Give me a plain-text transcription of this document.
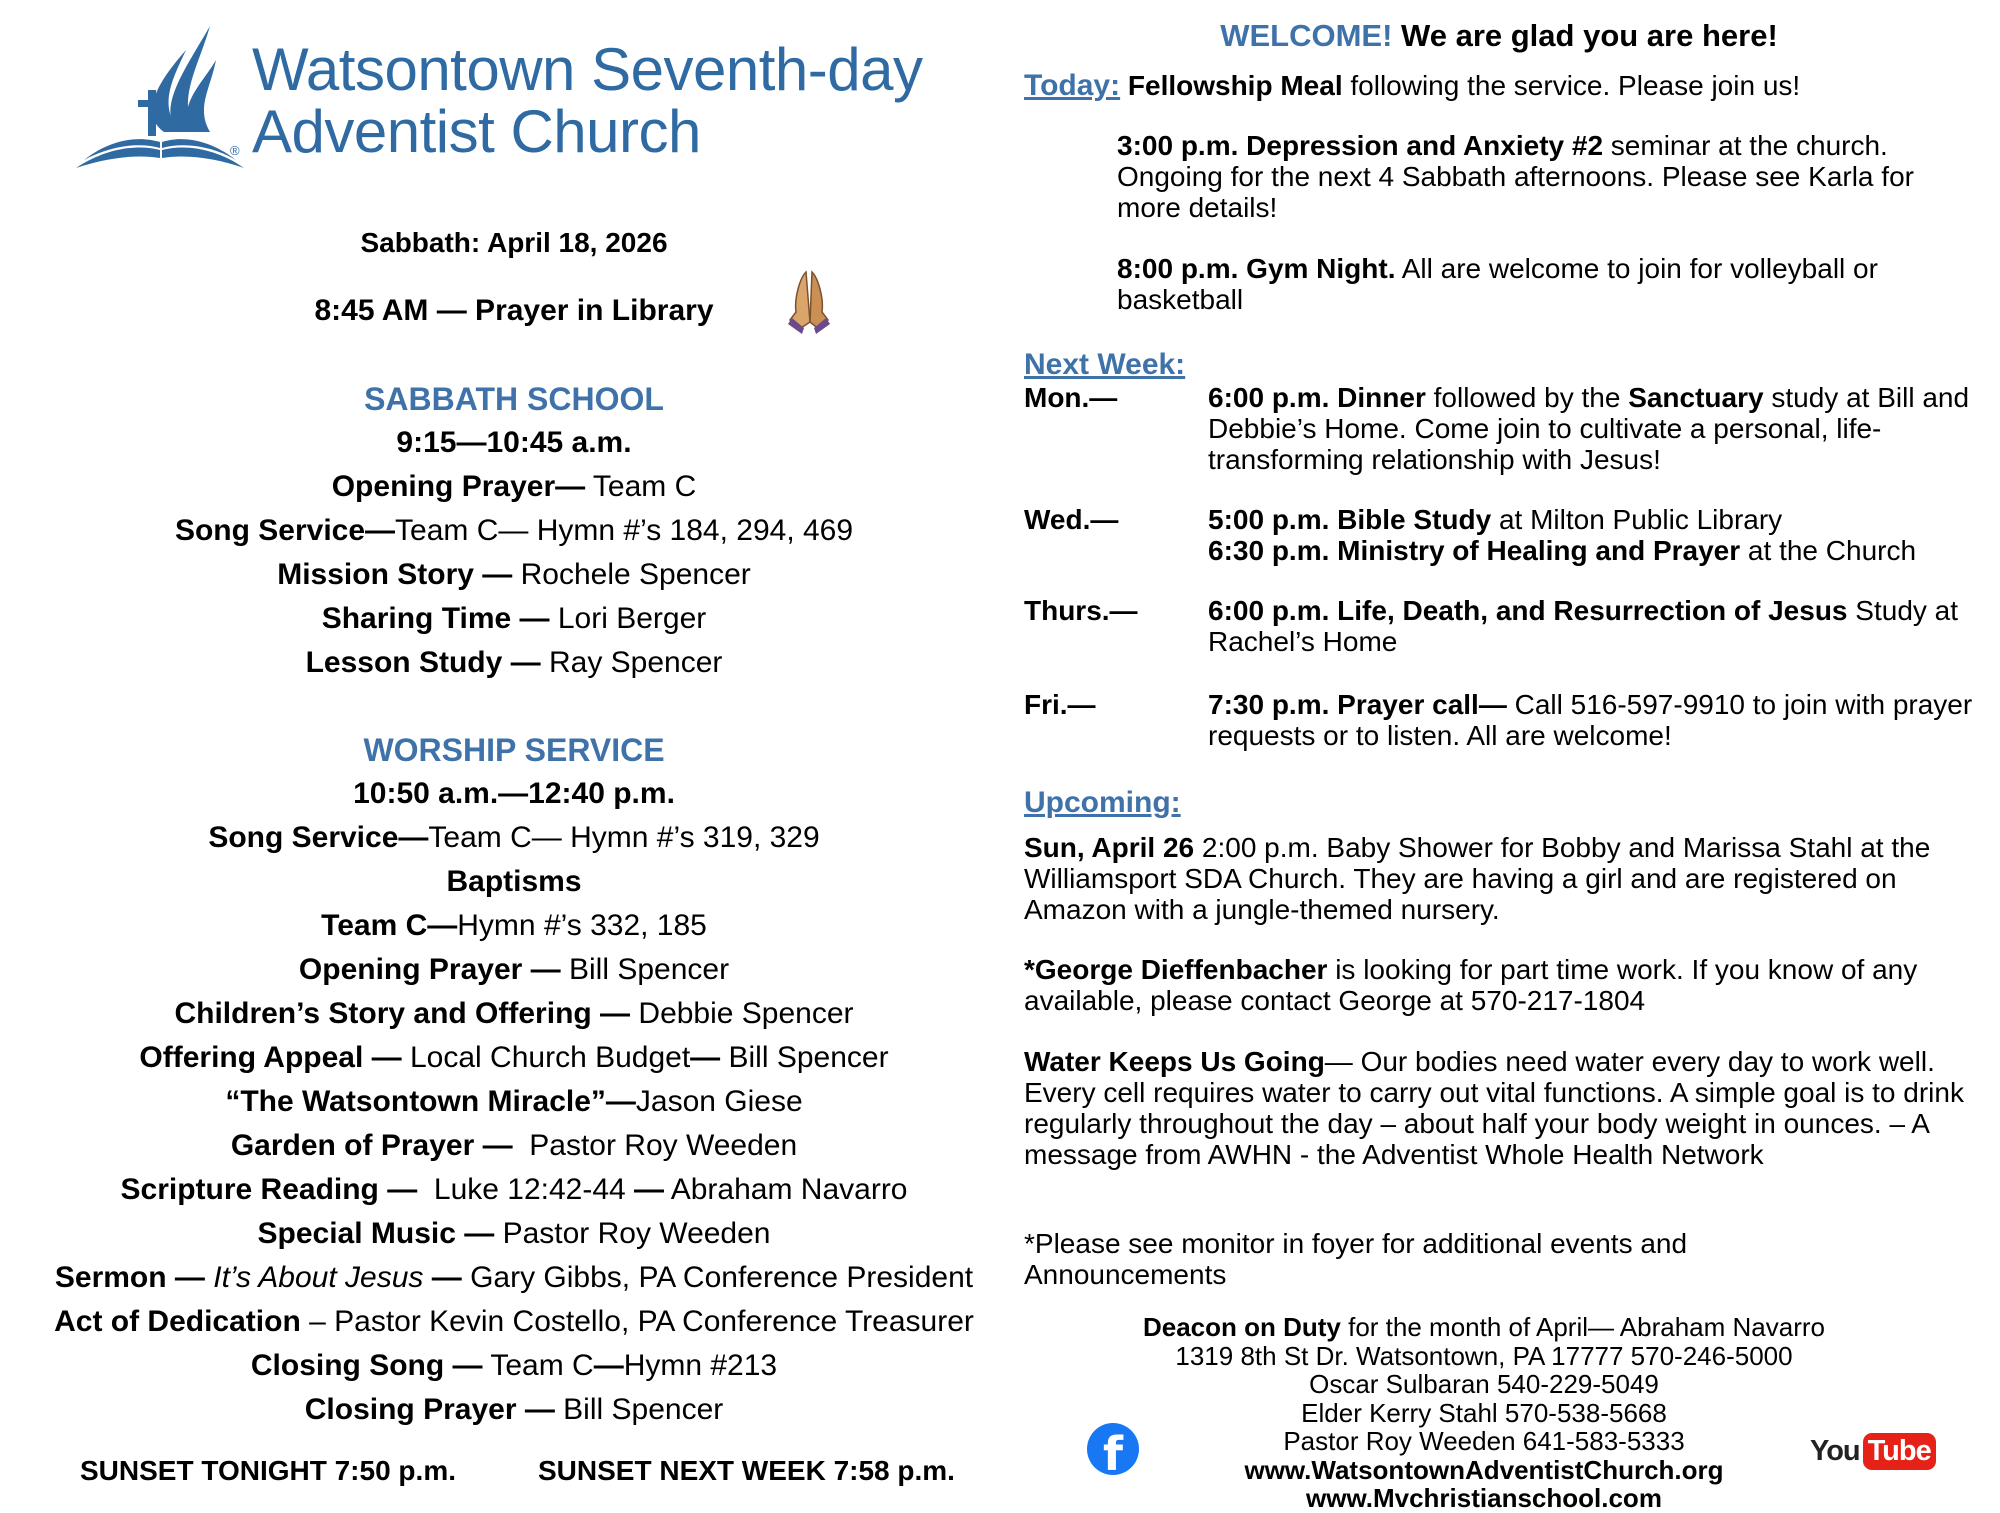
®
Watsontown Seventh-day
Adventist Church
Sabbath: April 18, 2026
8:45 AM — Prayer in Library
SABBATH SCHOOL
9:15—10:45 a.m.
Opening Prayer— Team C
Song Service—Team C— Hymn #’s 184, 294, 469
Mission Story — Rochele Spencer
Sharing Time — Lori Berger
Lesson Study — Ray Spencer
WORSHIP SERVICE
10:50 a.m.—12:40 p.m.
Song Service—Team C— Hymn #’s 319, 329
Baptisms
Team C—Hymn #’s 332, 185
Opening Prayer — Bill Spencer
Children’s Story and Offering — Debbie Spencer
Offering Appeal — Local Church Budget— Bill Spencer
“The Watsontown Miracle”—Jason Giese
Garden of Prayer —  Pastor Roy Weeden
Scripture Reading —  Luke 12:42-44 — Abraham Navarro
Special Music — Pastor Roy Weeden
Sermon — It’s About Jesus — Gary Gibbs, PA Conference President
Act of Dedication – Pastor Kevin Costello, PA Conference Treasurer
Closing Song — Team C—Hymn #213
Closing Prayer — Bill Spencer
SUNSET TONIGHT 7:50 p.m.	SUNSET NEXT WEEK 7:58 p.m.
WELCOME! We are glad you are here!
Today: Fellowship Meal following the service. Please join us!
3:00 p.m. Depression and Anxiety #2 seminar at the church. Ongoing for the next 4 Sabbath afternoons. Please see Karla for more details!
8:00 p.m. Gym Night. All are welcome to join for volleyball or basketball
Next Week:
Mon.—	6:00 p.m. Dinner followed by the Sanctuary study at Bill and Debbie’s Home. Come join to cultivate a personal, life-transforming relationship with Jesus!
Wed.—	5:00 p.m. Bible Study at Milton Public Library
6:30 p.m. Ministry of Healing and Prayer at the Church
Thurs.—	6:00 p.m. Life, Death, and Resurrection of Jesus Study at Rachel’s Home
Fri.—	7:30 p.m. Prayer call— Call 516-597-9910 to join with prayer requests or to listen. All are welcome!
Upcoming:
Sun, April 26 2:00 p.m. Baby Shower for Bobby and Marissa Stahl at the Williamsport SDA Church. They are having a girl and are registered on Amazon with a jungle-themed nursery.
*George Dieffenbacher is looking for part time work. If you know of any available, please contact George at 570-217-1804
Water Keeps Us Going— Our bodies need water every day to work well. Every cell requires water to carry out vital functions. A simple goal is to drink regularly throughout the day – about half your body weight in ounces. – A message from AWHN - the Adventist Whole Health Network
*Please see monitor in foyer for additional events and Announcements
Deacon on Duty for the month of April— Abraham Navarro
1319 8th St Dr. Watsontown, PA 17777 570-246-5000
Oscar Sulbaran 540-229-5049
Elder Kerry Stahl 570-538-5668
Pastor Roy Weeden 641-583-5333
www.WatsontownAdventistChurch.org
www.Mvchristianschool.com
f	You Tube
